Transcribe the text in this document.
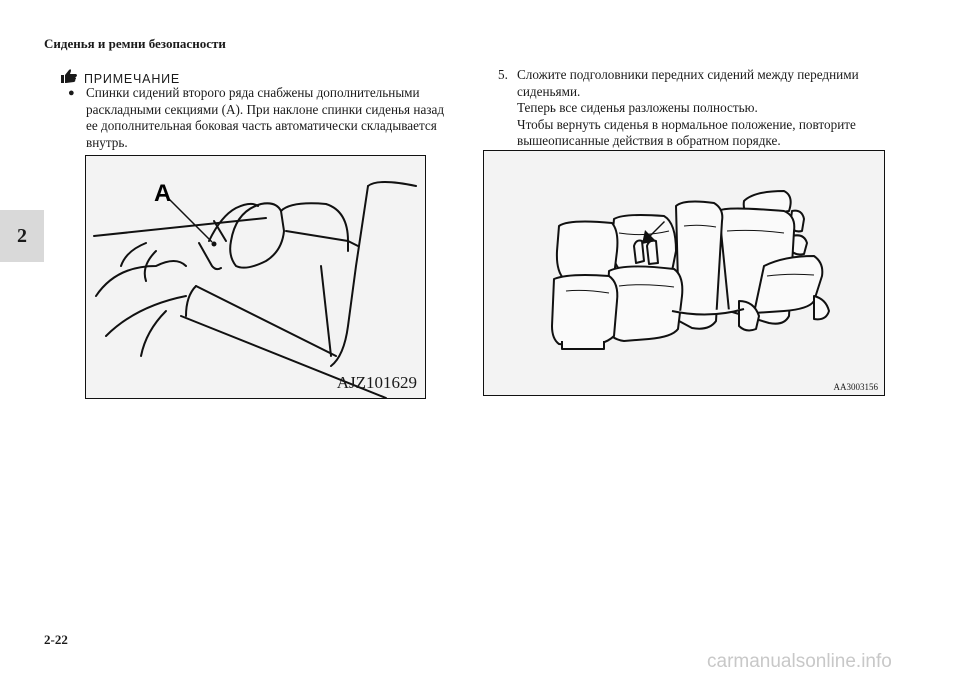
Сиденья и ремни безопасности
2
ПРИМЕЧАНИЕ
● Спинки сидений второго ряда снабжены дополнительными
раскладными секциями (A). При наклоне спинки сиденья назад
ее дополнительная боковая часть автоматически складывается
внутрь.
5. Сложите подголовники передних сидений между передними
сиденьями.
Теперь все сиденья разложены полностью.
Чтобы вернуть сиденья в нормальное положение, повторите
вышеописанные действия в обратном порядке.
A
AJZ101629	AA3003156
2-22
carmanualsonline.info
